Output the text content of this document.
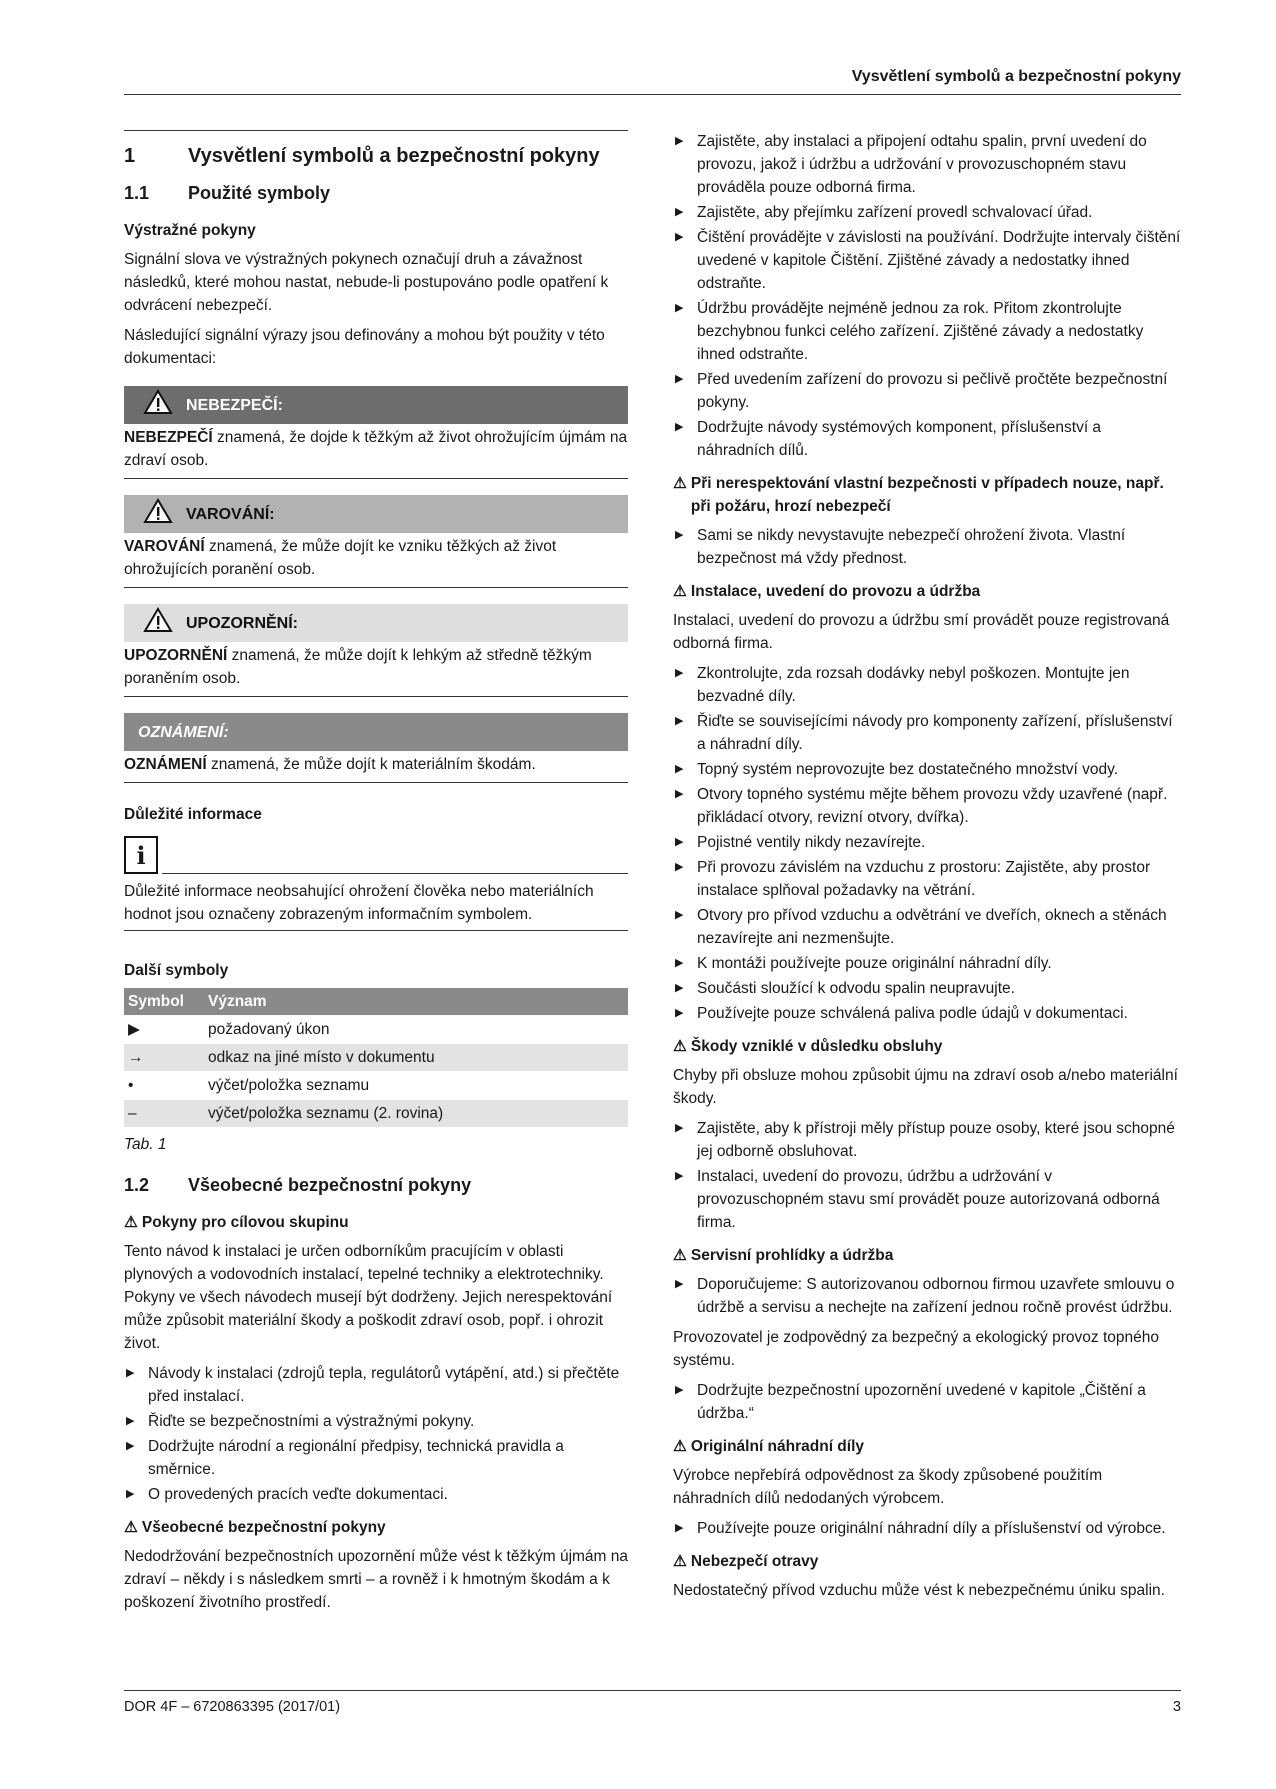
Vysvětlení symbolů a bezpečnostní pokyny
1	Vysvětlení symbolů a bezpečnostní pokyny
1.1	Použité symboly
Výstražné pokyny

Signální slova ve výstražných pokynech označují druh a závažnost následků, které mohou nastat, nebude-li postupováno podle opatření k odvrácení nebezpečí.

Následující signální výrazy jsou definovány a mohou být použity v této dokumentaci:

NEBEZPEČÍ:
NEBEZPEČÍ znamená, že dojde k těžkým až život ohrožujícím újmám na zdraví osob.
VAROVÁNÍ:
VAROVÁNÍ znamená, že může dojít ke vzniku těžkých až život ohrožujících poranění osob.
UPOZORNĚNÍ:
UPOZORNĚNÍ znamená, že může dojít k lehkým až středně těžkým poraněním osob.
OZNÁMENÍ:
OZNÁMENÍ znamená, že může dojít k materiálním škodám.
Důležité informace
i
Důležité informace neobsahující ohrožení člověka nebo materiálních hodnot jsou označeny zobrazeným informačním symbolem.
Další symboly
Symbol	Význam
▶	požadovaný úkon
→	odkaz na jiné místo v dokumentu
•	výčet/položka seznamu
–	výčet/položka seznamu (2. rovina)
Tab. 1
1.2	Všeobecné bezpečnostní pokyny
⚠ Pokyny pro cílovou skupinu

Tento návod k instalaci je určen odborníkům pracujícím v oblasti plynových a vodovodních instalací, tepelné techniky a elektrotechniky. Pokyny ve všech návodech musejí být dodrženy. Jejich nerespektování může způsobit materiální škody a poškodit zdraví osob, popř. i ohrozit život.

▶ Návody k instalaci (zdrojů tepla, regulátorů vytápění, atd.) si přečtěte před instalací.
▶ Řiďte se bezpečnostními a výstražnými pokyny.
▶ Dodržujte národní a regionální předpisy, technická pravidla a směrnice.
▶ O provedených pracích veďte dokumentaci.
⚠ Všeobecné bezpečnostní pokyny

Nedodržování bezpečnostních upozornění může vést k těžkým újmám na zdraví – někdy i s následkem smrti – a rovněž i k hmotným škodám a k poškození životního prostředí.

▶ Zajistěte, aby instalaci a připojení odtahu spalin, první uvedení do provozu, jakož i údržbu a udržování v provozuschopném stavu prováděla pouze odborná firma.
▶ Zajistěte, aby přejímku zařízení provedl schvalovací úřad.
▶ Čištění provádějte v závislosti na používání. Dodržujte intervaly čištění uvedené v kapitole Čištění. Zjištěné závady a nedostatky ihned odstraňte.
▶ Údržbu provádějte nejméně jednou za rok. Přitom zkontrolujte bezchybnou funkci celého zařízení. Zjištěné závady a nedostatky ihned odstraňte.
▶ Před uvedením zařízení do provozu si pečlivě pročtěte bezpečnostní pokyny.
▶ Dodržujte návody systémových komponent, příslušenství a náhradních dílů.
⚠ Při nerespektování vlastní bezpečnosti v případech nouze, např. při požáru, hrozí nebezpečí
▶ Sami se nikdy nevystavujte nebezpečí ohrožení života. Vlastní bezpečnost má vždy přednost.
⚠ Instalace, uvedení do provozu a údržba

Instalaci, uvedení do provozu a údržbu smí provádět pouze registrovaná odborná firma.

▶ Zkontrolujte, zda rozsah dodávky nebyl poškozen. Montujte jen bezvadné díly.
▶ Řiďte se souvisejícími návody pro komponenty zařízení, příslušenství a náhradní díly.
▶ Topný systém neprovozujte bez dostatečného množství vody.
▶ Otvory topného systému mějte během provozu vždy uzavřené (např. přikládací otvory, revizní otvory, dvířka).
▶ Pojistné ventily nikdy nezavírejte.
▶ Při provozu závislém na vzduchu z prostoru: Zajistěte, aby prostor instalace splňoval požadavky na větrání.
▶ Otvory pro přívod vzduchu a odvětrání ve dveřích, oknech a stěnách nezavírejte ani nezmenšujte.
▶ K montáži používejte pouze originální náhradní díly.
▶ Součásti sloužící k odvodu spalin neupravujte.
▶ Používejte pouze schválená paliva podle údajů v dokumentaci.
⚠ Škody vzniklé v důsledku obsluhy

Chyby při obsluze mohou způsobit újmu na zdraví osob a/nebo materiální škody.

▶ Zajistěte, aby k přístroji měly přístup pouze osoby, které jsou schopné jej odborně obsluhovat.
▶ Instalaci, uvedení do provozu, údržbu a udržování v provozuschopném stavu smí provádět pouze autorizovaná odborná firma.
⚠ Servisní prohlídky a údržba
▶ Doporučujeme: S autorizovanou odbornou firmou uzavřete smlouvu o údržbě a servisu a nechejte na zařízení jednou ročně provést údržbu.

Provozovatel je zodpovědný za bezpečný a ekologický provoz topného systému.

▶ Dodržujte bezpečnostní upozornění uvedené v kapitole „Čištění a údržba.“
⚠ Originální náhradní díly

Výrobce nepřebírá odpovědnost za škody způsobené použitím náhradních dílů nedodaných výrobcem.

▶ Používejte pouze originální náhradní díly a příslušenství od výrobce.
⚠ Nebezpečí otravy

Nedostatečný přívod vzduchu může vést k nebezpečnému úniku spalin.

DOR 4F – 6720863395 (2017/01)	3
